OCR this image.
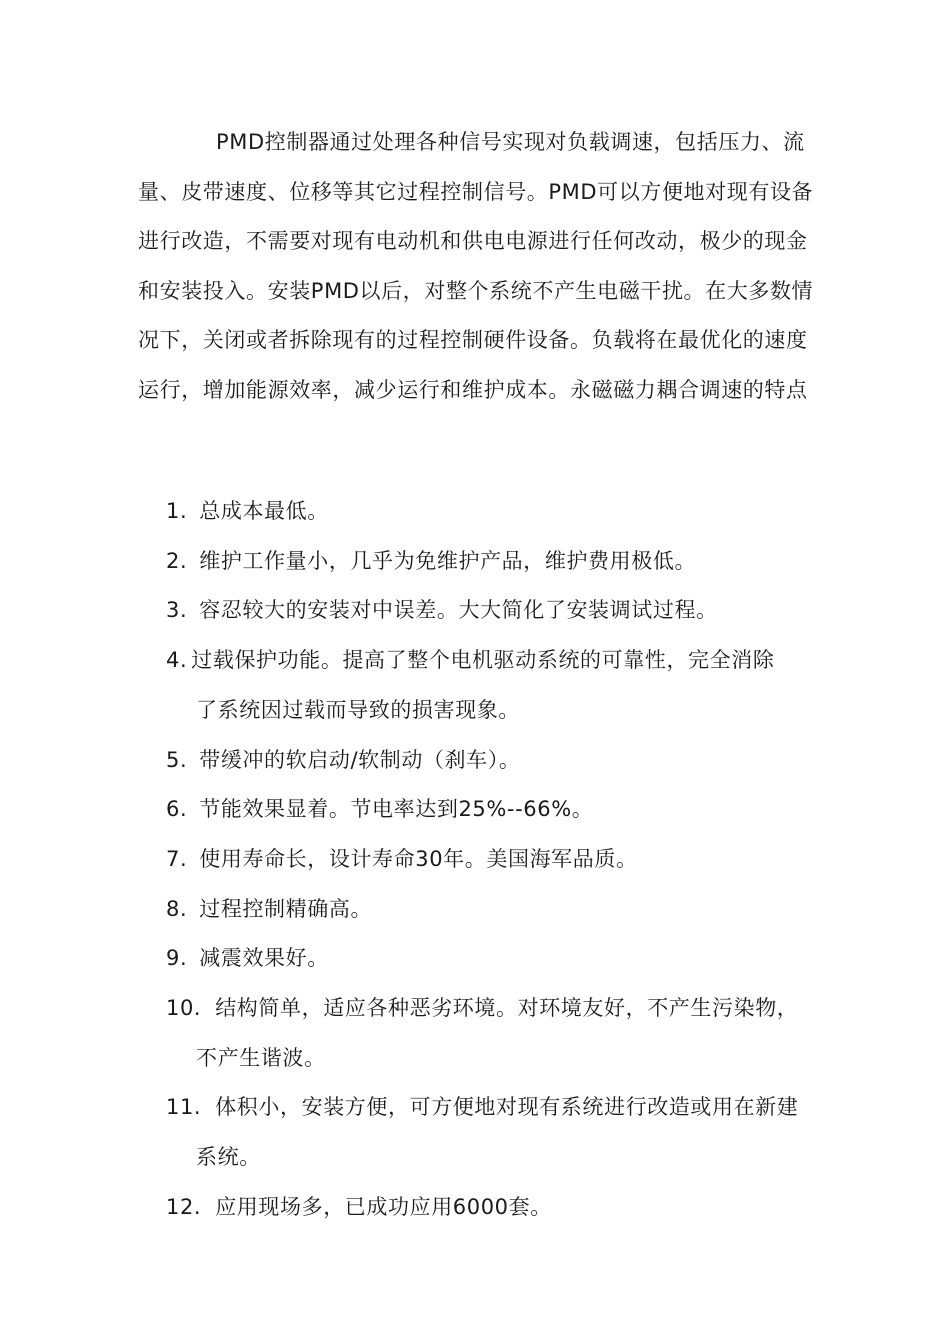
PMD控制器通过处理各种信号实现对负载调速，包括压力、流量、皮带速度、位移等其它过程控制信号。PMD可以方便地对现有设备进行改造，不需要对现有电动机和供电电源进行任何改动，极少的现金和安装投入。安装PMD以后，对整个系统不产生电磁干扰。在大多数情况下，关闭或者拆除现有的过程控制硬件设备。负载将在最优化的速度运行，增加能源效率，减少运行和维护成本。永磁磁力耦合调速的特点

1. 总成本最低。
2. 维护工作量小，几乎为免维护产品，维护费用极低。
3. 容忍较大的安装对中误差。大大简化了安装调试过程。
4. 过载保护功能。提高了整个电机驱动系统的可靠性，完全消除
了系统因过载而导致的损害现象。
5. 带缓冲的软启动/软制动（刹车）。
6. 节能效果显着。节电率达到25%--66%。
7. 使用寿命长，设计寿命30年。美国海军品质。
8. 过程控制精确高。
9. 减震效果好。
10. 结构简单，适应各种恶劣环境。对环境友好，不产生污染物，
不产生谐波。
11. 体积小，安装方便，可方便地对现有系统进行改造或用在新建
系统。
12. 应用现场多，已成功应用6000套。
